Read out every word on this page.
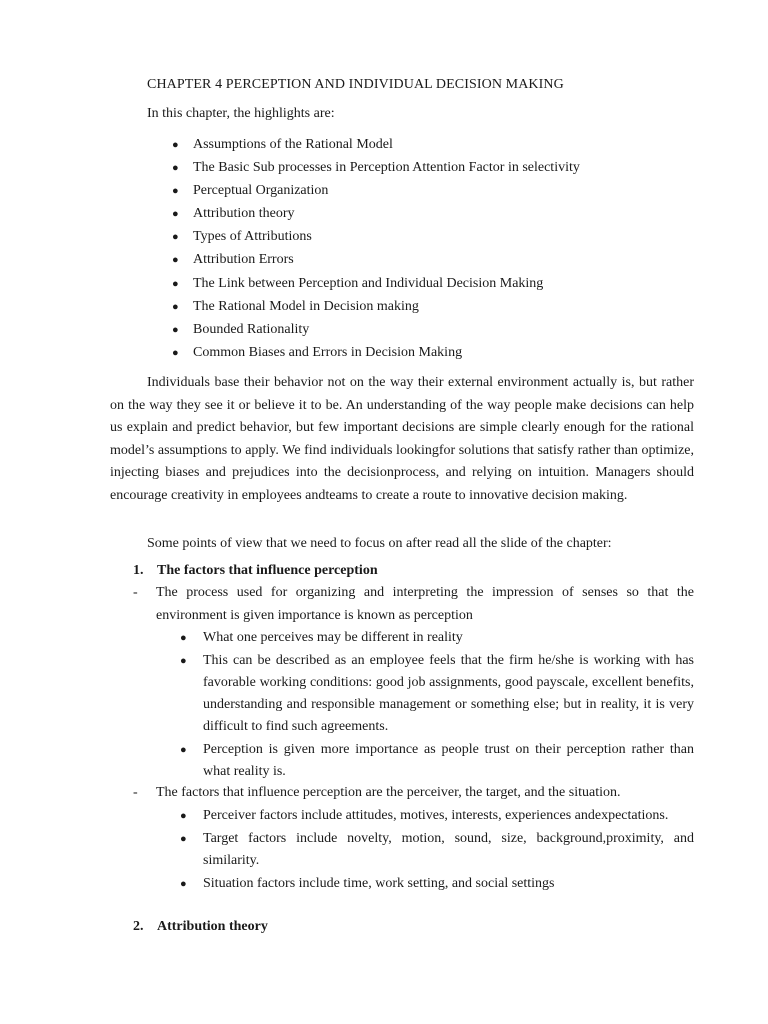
CHAPTER 4 PERCEPTION AND INDIVIDUAL DECISION MAKING
In this chapter, the highlights are:
● Assumptions of the Rational Model
● The Basic Sub processes in Perception Attention Factor in selectivity
● Perceptual Organization
● Attribution theory
● Types of Attributions
● Attribution Errors
● The Link between Perception and Individual Decision Making
● The Rational Model in Decision making
● Bounded Rationality
● Common Biases and Errors in Decision Making

Individuals base their behavior not on the way their external environment actually is, but rather on the way they see it or believe it to be. An understanding of the way people make decisions can help us explain and predict behavior, but few important decisions are simple clearly enough for the rational model’s assumptions to apply. We find individuals lookingfor solutions that satisfy rather than optimize, injecting biases and prejudices into the decisionprocess, and relying on intuition. Managers should encourage creativity in employees andteams to create a route to innovative decision making.

Some points of view that we need to focus on after read all the slide of the chapter:

1. The factors that influence perception
- The process used for organizing and interpreting the impression of senses so that the environment is given importance is known as perception
● What one perceives may be different in reality
● This can be described as an employee feels that the firm he/she is working with has favorable working conditions: good job assignments, good payscale, excellent benefits, understanding and responsible management or something else; but in reality, it is very difficult to find such agreements.
● Perception is given more importance as people trust on their perception rather than what reality is.
- The factors that influence perception are the perceiver, the target, and the situation.
● Perceiver factors include attitudes, motives, interests, experiences andexpectations.
● Target factors include novelty, motion, sound, size, background,proximity, and similarity.
● Situation factors include time, work setting, and social settings
2. Attribution theory
